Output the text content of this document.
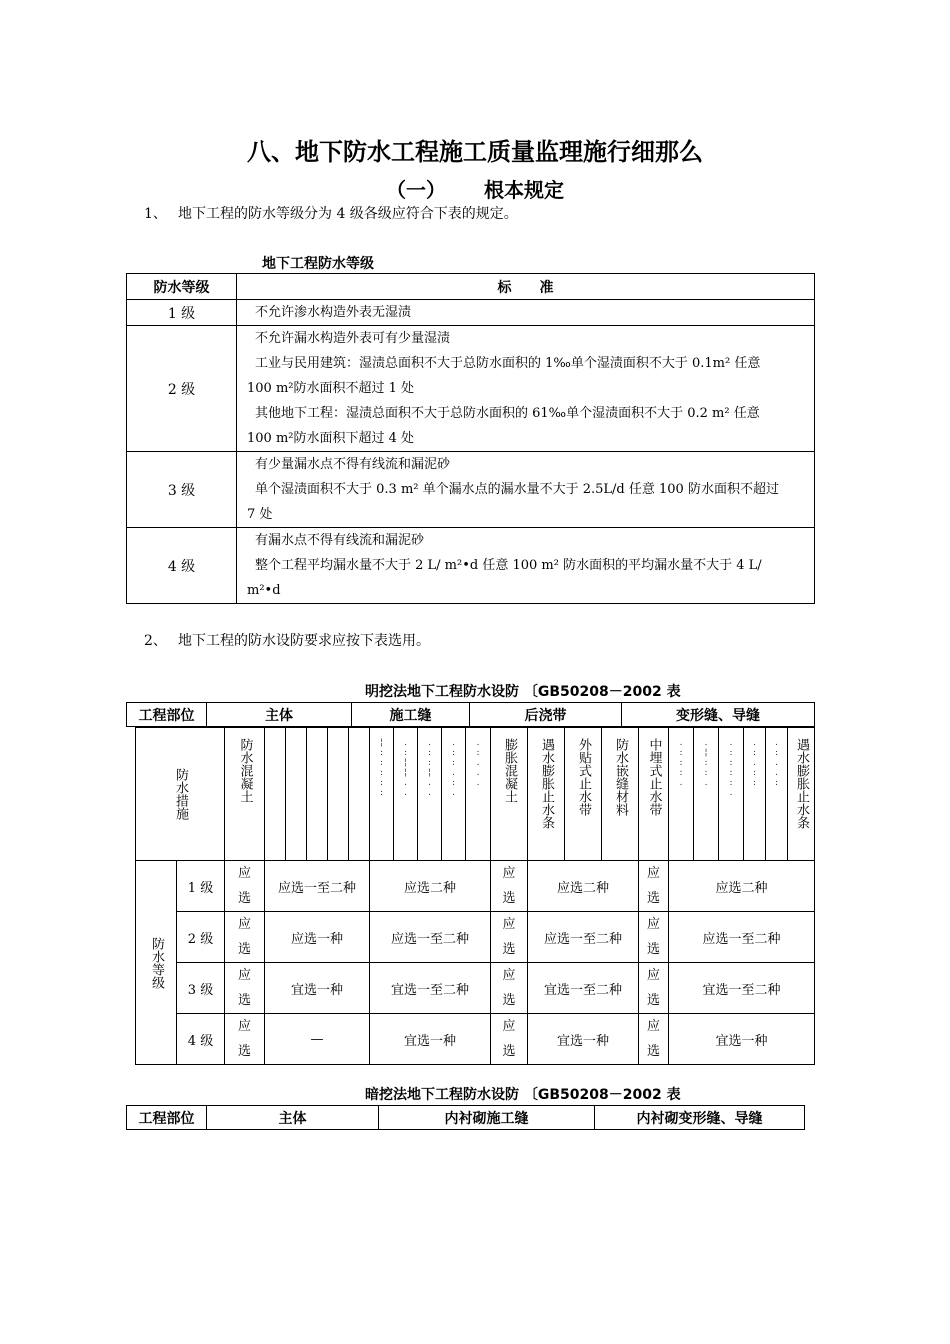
八、地下防水工程施工质量监理施行细那么
（一） 根本规定
1、 地下工程的防水等级分为 4 级各级应符合下表的规定。
地下工程防水等级
防水等级	标　　准
1 级	不允许渗水构造外表无湿渍

2 级	不允许漏水构造外表可有少量湿渍
工业与民用建筑：湿渍总面积不大于总防水面积的 1‰单个湿渍面积不大于 0.1m² 任意
100 m²防水面积不超过 1 处
其他地下工程：湿渍总面积不大于总防水面积的 61‰单个湿渍面积不大于 0.2 m² 任意
100 m²防水面积下超过 4 处

3 级	有少量漏水点不得有线流和漏泥砂
单个湿渍面积不大于 0.3 m² 单个漏水点的漏水量不大于 2.5L/d 任意 100 防水面积不超过
7 处

4 级	有漏水点不得有线流和漏泥砂
整个工程平均漏水量不大于 2 L/ m²•d 任意 100 m² 防水面积的平均漏水量不大于 4 L/
m²•d
2、 地下工程的防水设防要求应按下表选用。
明挖法地下工程防水设防 〔GB50208－2002 表
工程部位	主体	施工缝	后浇带	变形缝、导缝
防水措施		防水混凝土						¦:::::	.:¦¦..	.::¦..	.::.:.	.:...	膨胀混凝土	遇水膨胀止水条	外贴式止水带	防水嵌缝材料	中埋式止水带	.:::.	.¦::.	.::::.	.:.::	.:..:	遇水膨胀止水条

防水等级	1 级	应选	应选一至二种					应选二种					应选	应选二种			应选	应选二种					
	2 级	应选	应选一种					应选一至二种					应选	应选一至二种			应选	应选一至二种					
	3 级	应选	宜选一种					宜选一至二种					应选	宜选一至二种			应选	宜选一至二种					
	4 级	应选	—					宜选一种					应选	宜选一种			应选	宜选一种					
暗挖法地下工程防水设防 〔GB50208－2002 表
工程部位	主体	内衬砌施工缝	内衬砌变形缝、导缝
